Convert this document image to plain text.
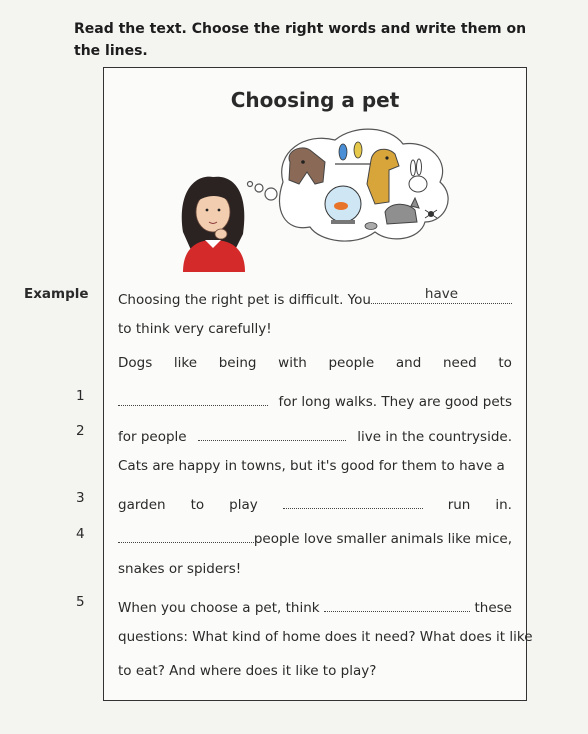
Read the text. Choose the right words and write them on the lines.
Choosing a pet
Example
1
2
3
4
5
Choosing the right pet is difficult. You	have
to think very carefully!
Dogs like being with people and need to
for long walks. They are good pets
for people	live in the countryside.
Cats are happy in towns, but it's good for them to have a
garden to play	run in.
people love smaller animals like mice,
snakes or spiders!
When you choose a pet, think	these
questions: What kind of home does it need? What does it like
to eat? And where does it like to play?
